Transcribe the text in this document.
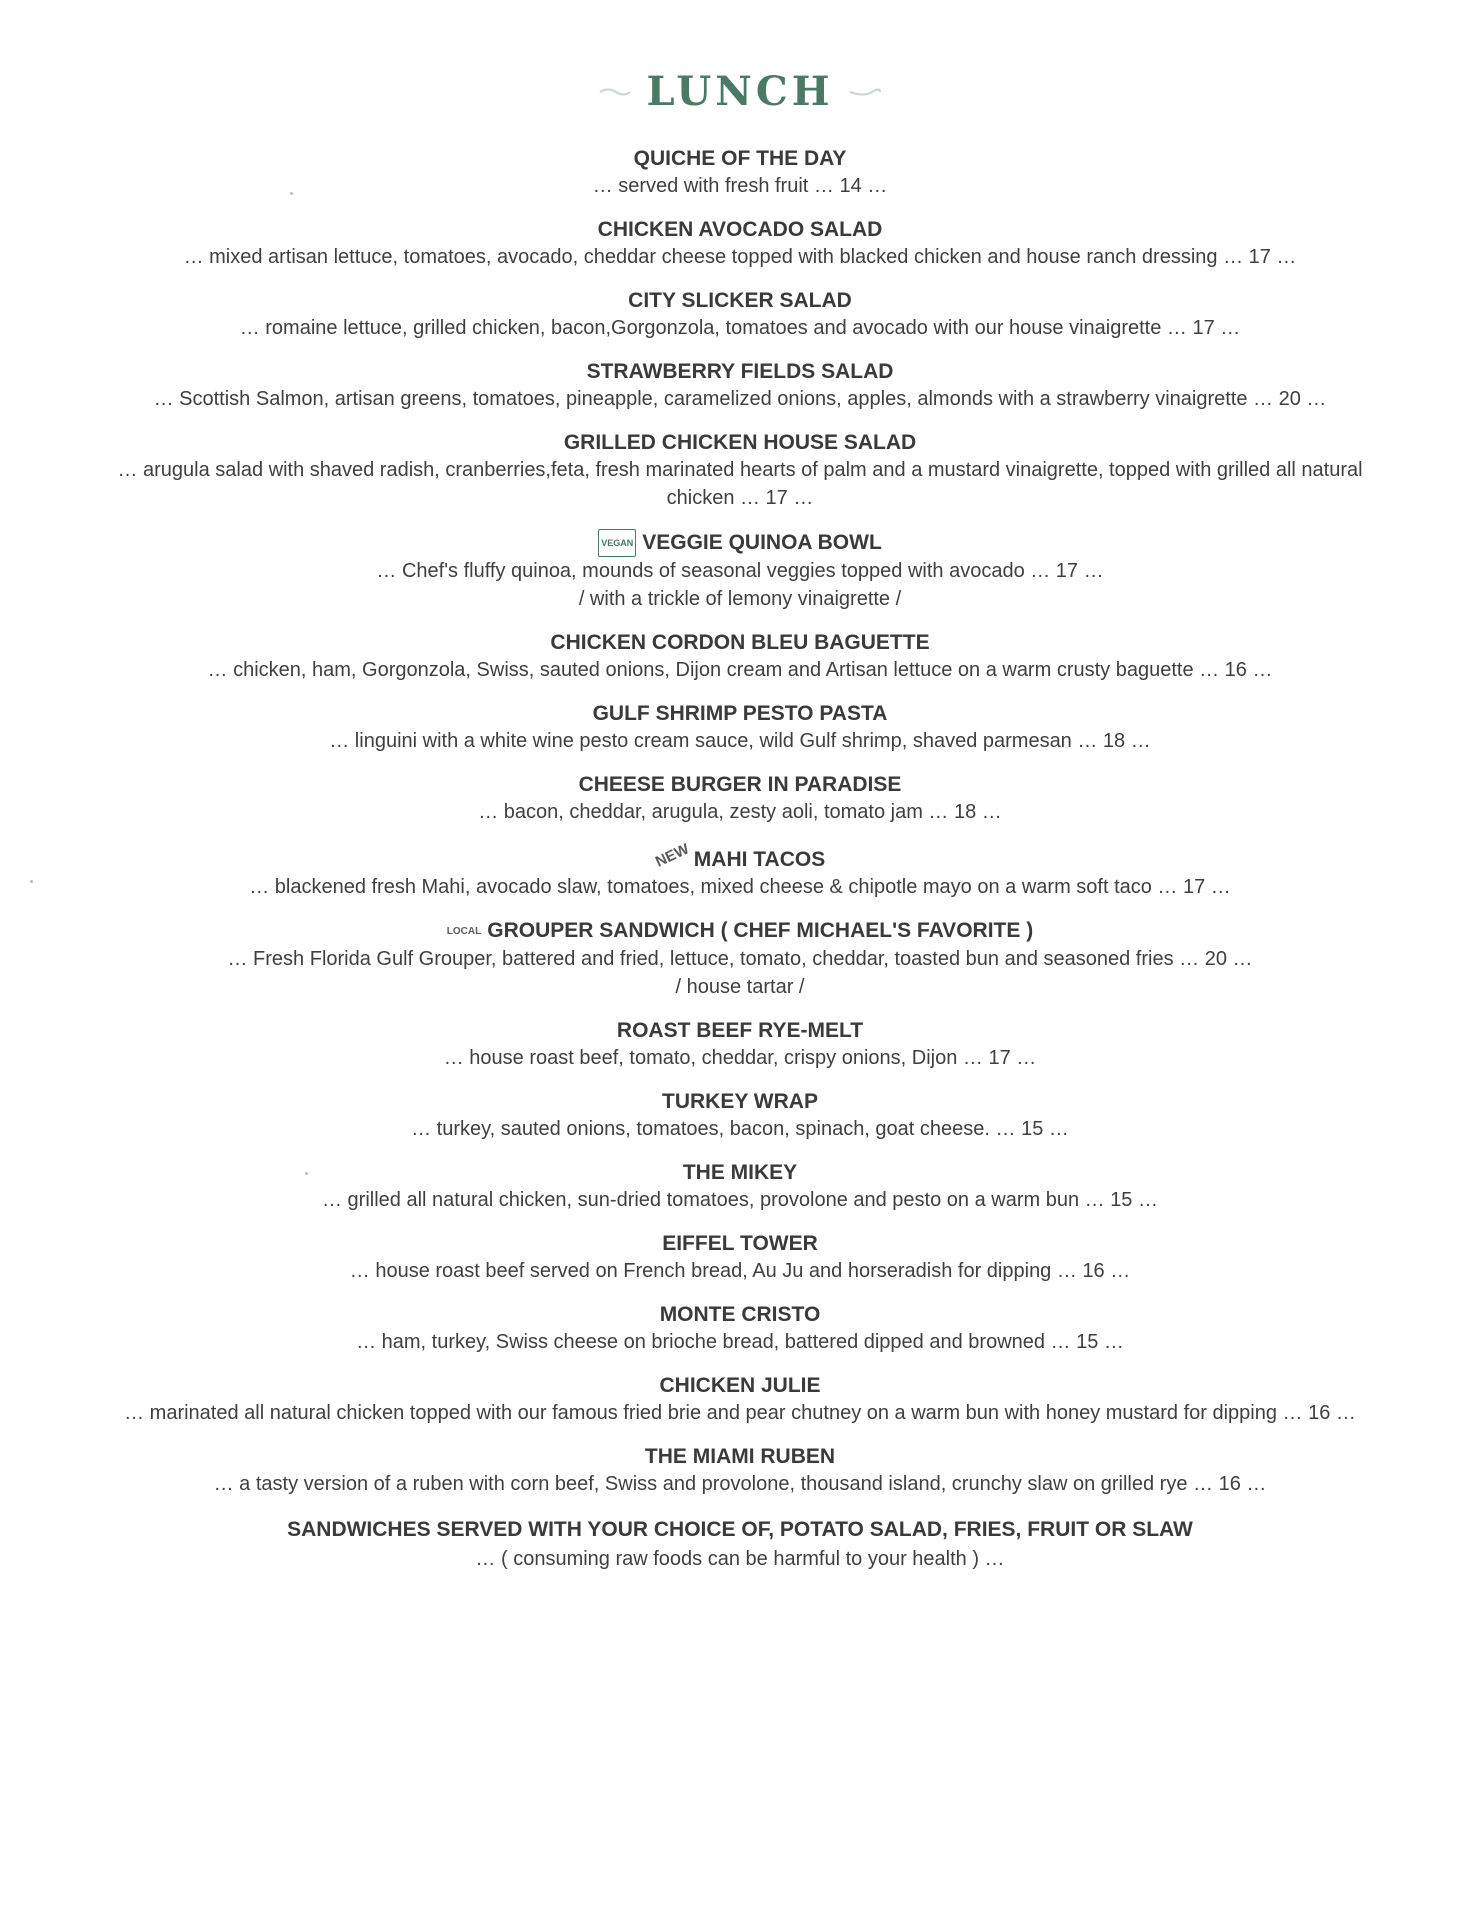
LUNCH
QUICHE OF THE DAY
… served with fresh fruit … 14 …
CHICKEN AVOCADO SALAD
… mixed artisan lettuce, tomatoes, avocado, cheddar cheese topped with blacked chicken and house ranch dressing … 17 …
CITY SLICKER SALAD
… romaine lettuce, grilled chicken, bacon,Gorgonzola, tomatoes and avocado with our house vinaigrette … 17 …
STRAWBERRY FIELDS SALAD
… Scottish Salmon, artisan greens, tomatoes, pineapple, caramelized onions, apples, almonds with a strawberry vinaigrette … 20 …
GRILLED CHICKEN HOUSE SALAD
… arugula salad with shaved radish, cranberries,feta, fresh marinated hearts of palm and a mustard vinaigrette, topped with grilled all natural chicken … 17 …
VEGAN VEGGIE QUINOA BOWL
… Chef's fluffy quinoa, mounds of seasonal veggies topped with avocado … 17 …
/ with a trickle of lemony vinaigrette /
CHICKEN CORDON BLEU BAGUETTE
… chicken, ham, Gorgonzola, Swiss, sauted onions, Dijon cream and Artisan lettuce on a warm crusty baguette … 16 …
GULF SHRIMP PESTO PASTA
… linguini with a white wine pesto cream sauce, wild Gulf shrimp, shaved parmesan … 18 …
CHEESE BURGER IN PARADISE
… bacon, cheddar, arugula, zesty aoli, tomato jam … 18 …
NEW MAHI TACOS
… blackened fresh Mahi, avocado slaw, tomatoes, mixed cheese & chipotle mayo on a warm soft taco … 17 …
LOCAL GROUPER SANDWICH ( CHEF MICHAEL'S FAVORITE )
… Fresh Florida Gulf Grouper, battered and fried, lettuce, tomato, cheddar, toasted bun and seasoned fries … 20 …
/ house tartar /
ROAST BEEF RYE-MELT
… house roast beef, tomato, cheddar, crispy onions, Dijon … 17 …
TURKEY WRAP
… turkey, sauted onions, tomatoes, bacon, spinach, goat cheese. … 15 …
THE MIKEY
… grilled all natural chicken, sun-dried tomatoes, provolone and pesto on a warm bun … 15 …
EIFFEL TOWER
… house roast beef served on French bread, Au Ju and horseradish for dipping … 16 …
MONTE CRISTO
… ham, turkey, Swiss cheese on brioche bread, battered dipped and browned … 15 …
CHICKEN JULIE
… marinated all natural chicken topped with our famous fried brie and pear chutney on a warm bun with honey mustard for dipping … 16 …
THE MIAMI RUBEN
… a tasty version of a ruben with corn beef, Swiss and provolone, thousand island, crunchy slaw on grilled rye … 16 …
SANDWICHES SERVED WITH YOUR CHOICE OF, POTATO SALAD, FRIES, FRUIT OR SLAW
… ( consuming raw foods can be harmful to your health ) …
